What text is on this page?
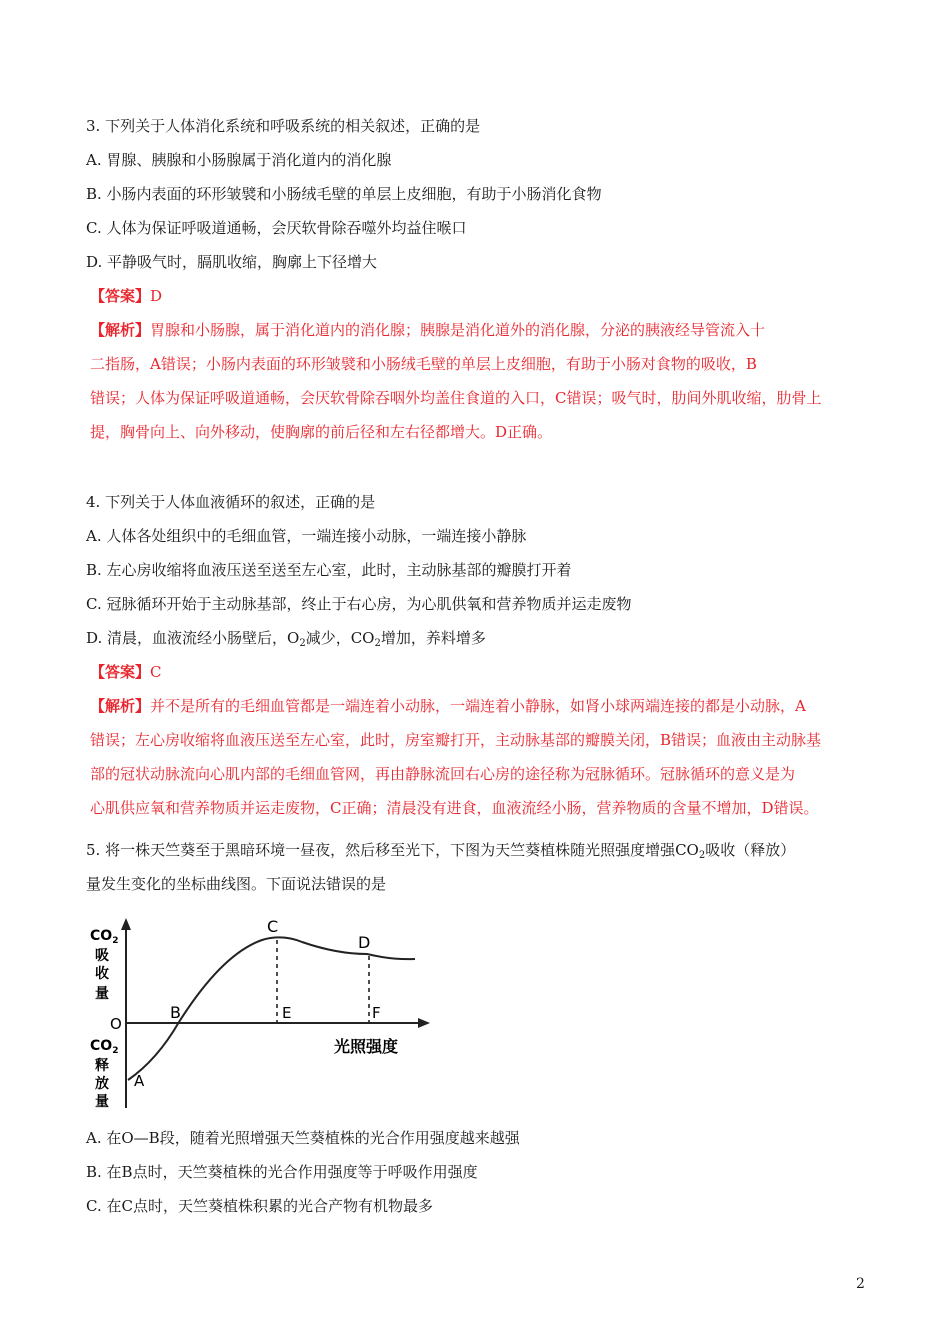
3. 下列关于人体消化系统和呼吸系统的相关叙述，正确的是
A. 胃腺、胰腺和小肠腺属于消化道内的消化腺
B. 小肠内表面的环形皱襞和小肠绒毛壁的单层上皮细胞，有助于小肠消化食物
C. 人体为保证呼吸道通畅，会厌软骨除吞噬外均益住喉口
D. 平静吸气时，膈肌收缩，胸廓上下径增大
【答案】D
【解析】胃腺和小肠腺，属于消化道内的消化腺；胰腺是消化道外的消化腺，分泌的胰液经导管流入十
二指肠，A错误；小肠内表面的环形皱襞和小肠绒毛壁的单层上皮细胞，有助于小肠对食物的吸收，B
错误；人体为保证呼吸道通畅，会厌软骨除吞咽外均盖住食道的入口，C错误；吸气时，肋间外肌收缩，肋骨上
提，胸骨向上、向外移动，使胸廓的前后径和左右径都增大。D正确。
4. 下列关于人体血液循环的叙述，正确的是
A. 人体各处组织中的毛细血管，一端连接小动脉，一端连接小静脉
B. 左心房收缩将血液压送至送至左心室，此时，主动脉基部的瓣膜打开着
C. 冠脉循环开始于主动脉基部，终止于右心房，为心肌供氧和营养物质并运走废物
D. 清晨，血液流经小肠壁后，$O_2$减少，$CO_2$增加，养料增多
【答案】C
【解析】并不是所有的毛细血管都是一端连着小动脉，一端连着小静脉，如肾小球两端连接的都是小动脉，A
错误；左心房收缩将血液压送至左心室，此时，房室瓣打开，主动脉基部的瓣膜关闭，B错误；血液由主动脉基
部的冠状动脉流向心肌内部的毛细血管网，再由静脉流回右心房的途径称为冠脉循环。冠脉循环的意义是为
心肌供应氧和营养物质并运走废物，C正确；清晨没有进食，血液流经小肠，营养物质的含量不增加，D错误。
5. 将一株天竺葵至于黑暗环境一昼夜，然后移至光下，下图为天竺葵植株随光照强度增强$CO_2$吸收（释放）
量发生变化的坐标曲线图。下面说法错误的是
$CO_2$
吸
收
量
O
$CO_2$
释
放
量
A
B
C
D
E	F
光照强度
A. 在O—B段，随着光照增强天竺葵植株的光合作用强度越来越强
B. 在B点时，天竺葵植株的光合作用强度等于呼吸作用强度
C. 在C点时，天竺葵植株积累的光合产物有机物最多
2
